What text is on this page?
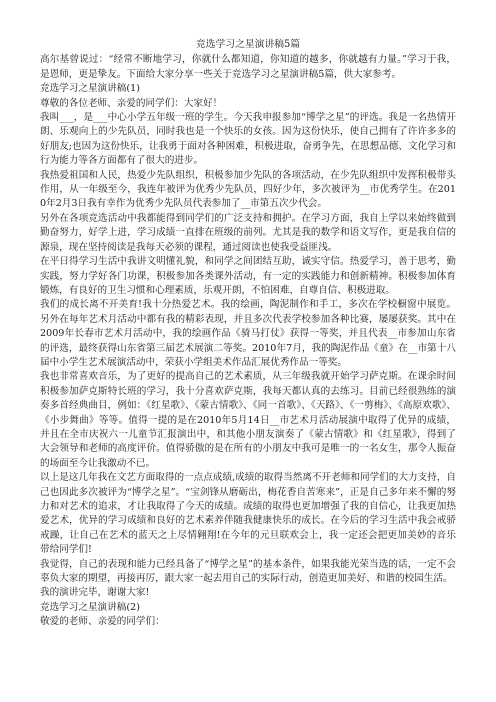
竞选学习之星演讲稿5篇

高尔基曾说过：“经常不断地学习，你就什么都知道，你知道的越多，你就越有力量。”学习于我，是恩师，更是挚友。下面给大家分享一些关于竞选学习之星演讲稿5篇，供大家参考。

竞选学习之星演讲稿(1)

尊敬的各位老师、亲爱的同学们：大家好！

我叫___，是___中心小学五年级一班的学生。今天我申报参加“博学之星”的评选。我是一名热情开朗、乐观向上的少先队员，同时我也是一个快乐的女孩。因为这份快乐，使自己拥有了许许多多的好朋友;也因为这份快乐，让我勇于面对各种困难，积极进取，奋勇争先，在思想品德、文化学习和行为能力等各方面都有了很大的进步。

我热爱祖国和人民，热爱少先队组织，积极参加少先队的各项活动，在少先队组织中发挥积极带头作用，从一年级至今，我连年被评为优秀少先队员，四好少年，多次被评为__市优秀学生。在2010年2月3日我有幸作为优秀少先队员代表参加了__市第五次少代会。

另外在各项竞选活动中我都能得到同学们的广泛支持和拥护。在学习方面，我自上学以来始终做到勤奋努力，好学上进，学习成绩一直排在班级的前列。尤其是我的数学和语文写作，更是我自信的源泉，现在坚持阅读是我每天必须的课程，通过阅读也使我受益匪浅。

在平日得学习生活中我讲文明懂礼貌，和同学之间团结互助，诚实守信。热爱学习，善于思考，勤实践，努力学好各门功课，积极参加各类课外活动，有一定的实践能力和创新精神。积极参加体育锻炼，有良好的卫生习惯和心理素质，乐观开朗，不怕困难、自尊自信、积极进取。

我们的成长离不开美育!我十分热爱艺术。我的绘画，陶泥制作和手工，多次在学校橱窗中展览。另外在每年艺术月活动中都有我的精彩表现，并且多次代表学校参加各种比赛，屡屡获奖。其中在2009年长春市艺术月活动中，我的绘画作品《骑马打仗》获得一等奖，并且代表__市参加山东省的评选，最终获得山东省第三届艺术展演二等奖。2010年7月，我的陶泥作品《童》在__市第十八届中小学生艺术展演活动中，荣获小学组美术作品汇展优秀作品一等奖。

我也非常喜欢音乐，为了更好的提高自己的艺术素质，从三年级我就开始学习萨克斯。在课余时间积极参加萨克斯特长班的学习，我十分喜欢萨克斯，我每天都认真的去练习。目前已经很熟练的演奏多首经典曲目，例如：《红星歌》、《蒙古情歌》、《同一首歌》、《天路》、《一剪梅》、《高原欢歌》、《小步舞曲》等等。值得一提的是在2010年5月14日__市艺术月活动展演中取得了优异的成绩，并且在全市庆祝六一儿童节汇报演出中，和其他小朋友演奏了《蒙古情歌》和《红星歌》，得到了大会领导和老师的高度评价。值得骄傲的是在所有的小朋友中我可是唯一的一名女生，那令人振奋的场面至今让我激动不已。

以上是这几年我在文艺方面取得的一点点成绩,成绩的取得当然离不开老师和同学们的大力支持，自己也因此多次被评为“博学之星”。“宝剑锋从磨砺出，梅花香自苦寒来”，正是自己多年来不懈的努力和对艺术的追求，才让我取得了今天的成绩。成绩的取得也更加增强了我的自信心，让我更加热爱艺术，优异的学习成绩和良好的艺术素养伴随我健康快乐的成长。在今后的学习生活中我会戒骄戒躁，让自己在艺术的蓝天之上尽情翱翔!在今年的元旦联欢会上，我一定还会把更加美妙的音乐带给同学们!

我觉得，自己的表现和能力已经具备了“博学之星”的基本条件，如果我能光荣当选的话，一定不会辜负大家的期望，再接再厉，跟大家一起去用自己的实际行动，创造更加美好、和谐的校园生活。

我的演讲完毕，谢谢大家!

竞选学习之星演讲稿(2)

敬爱的老师、亲爱的同学们：
